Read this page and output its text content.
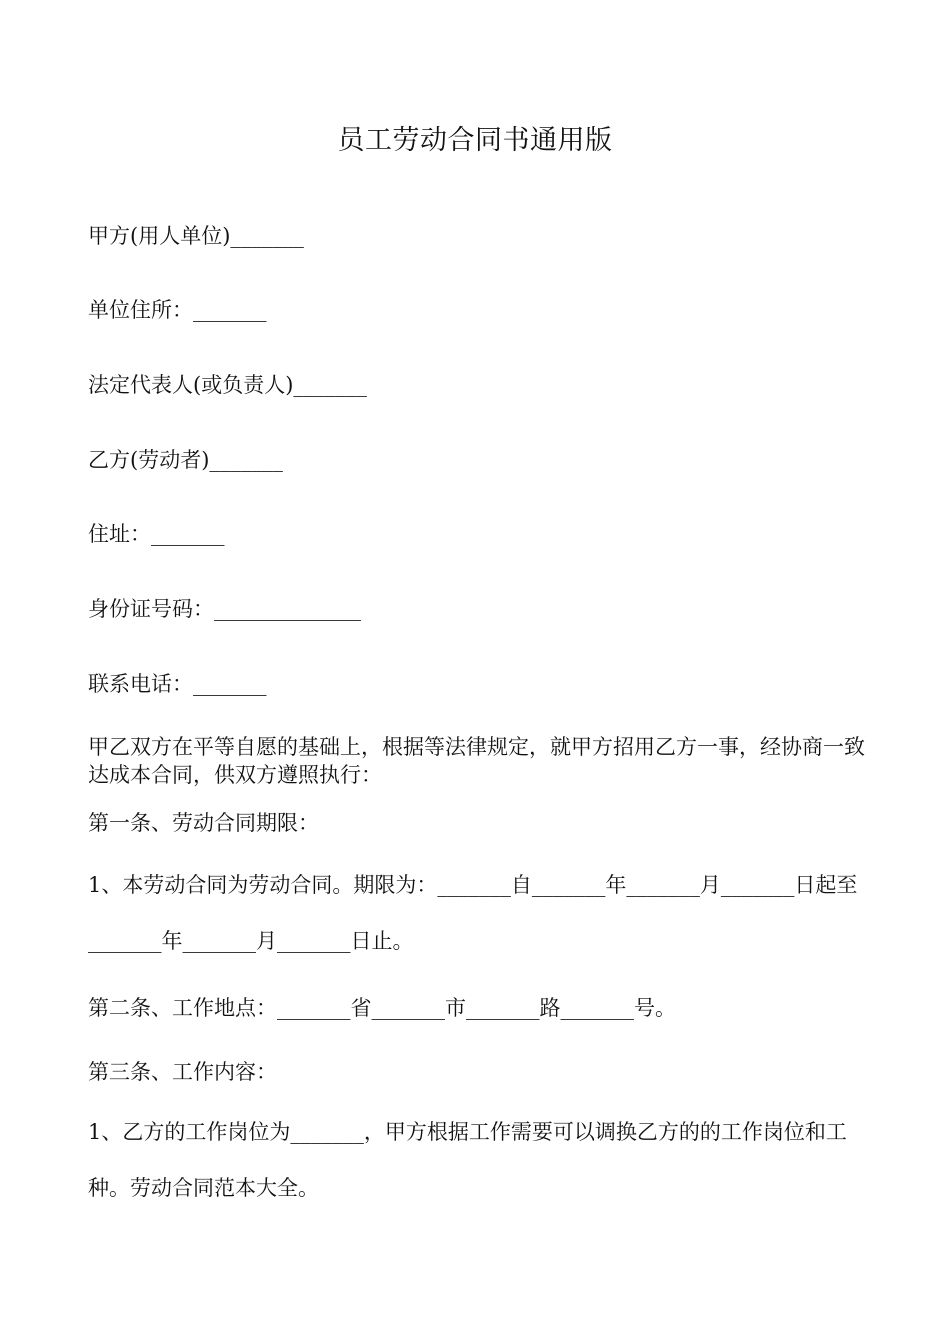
员工劳动合同书通用版
甲方(用人单位)_______
单位住所：_______
法定代表人(或负责人)_______
乙方(劳动者)_______
住址：_______
身份证号码：______________
联系电话：_______
甲乙双方在平等自愿的基础上，根据等法律规定，就甲方招用乙方一事，经协商一致达成本合同，供双方遵照执行：
第一条、劳动合同期限：
1、本劳动合同为劳动合同。期限为：_______自_______年_______月_______日起至_______年_______月_______日止。
第二条、工作地点：_______省_______市_______路_______号。
第三条、工作内容：
1、乙方的工作岗位为_______，甲方根据工作需要可以调换乙方的的工作岗位和工种。劳动合同范本大全。
